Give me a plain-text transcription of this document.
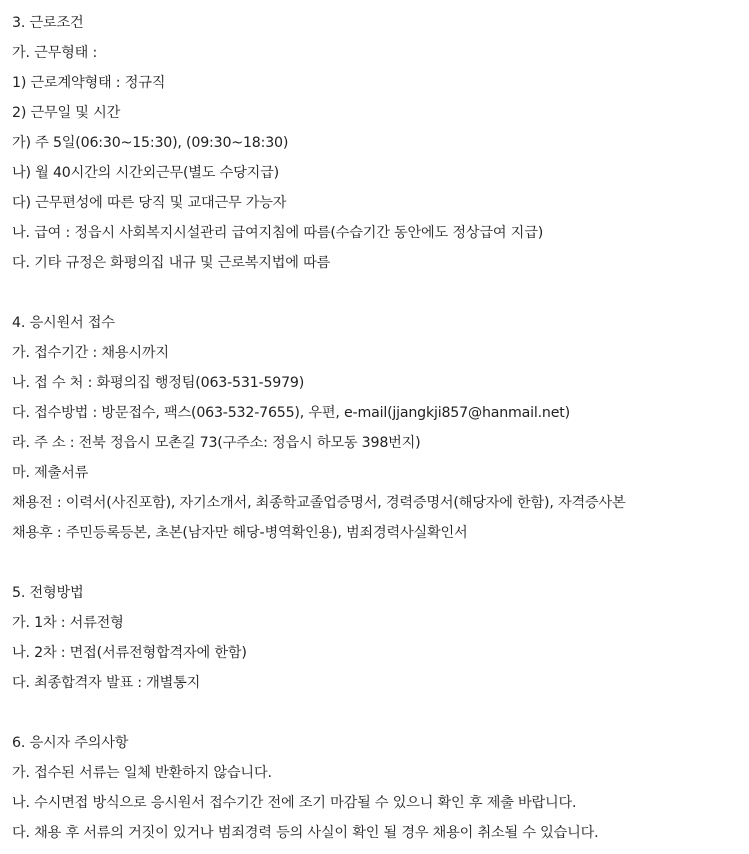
3. 근로조건
가. 근무형태 :
1) 근로계약형태 : 정규직
2) 근무일 및 시간
가) 주 5일(06:30~15:30), (09:30~18:30)
나) 월 40시간의 시간외근무(별도 수당지급)
다) 근무편성에 따른 당직 및 교대근무 가능자
나. 급여 : 정읍시 사회복지시설관리 급여지침에 따름(수습기간 동안에도 정상급여 지급)
다. 기타 규정은 화평의집 내규 및 근로복지법에 따름
4. 응시원서 접수
가. 접수기간 : 채용시까지
나. 접 수 처 : 화평의집 행정팀(063-531-5979)
다. 접수방법 : 방문접수, 팩스(063-532-7655), 우편, e-mail(jjangkji857@hanmail.net)
라. 주 소 : 전북 정읍시 모촌길 73(구주소: 정읍시 하모동 398번지)
마. 제출서류
채용전 : 이력서(사진포함), 자기소개서, 최종학교졸업증명서, 경력증명서(해당자에 한함), 자격증사본
채용후 : 주민등록등본, 초본(남자만 해당-병역확인용), 범죄경력사실확인서
5. 전형방법
가. 1차 : 서류전형
나. 2차 : 면접(서류전형합격자에 한함)
다. 최종합격자 발표 : 개별통지
6. 응시자 주의사항
가. 접수된 서류는 일체 반환하지 않습니다.
나. 수시면접 방식으로 응시원서 접수기간 전에 조기 마감될 수 있으니 확인 후 제출 바랍니다.
다. 채용 후 서류의 거짓이 있거나 범죄경력 등의 사실이 확인 될 경우 채용이 취소될 수 있습니다.
